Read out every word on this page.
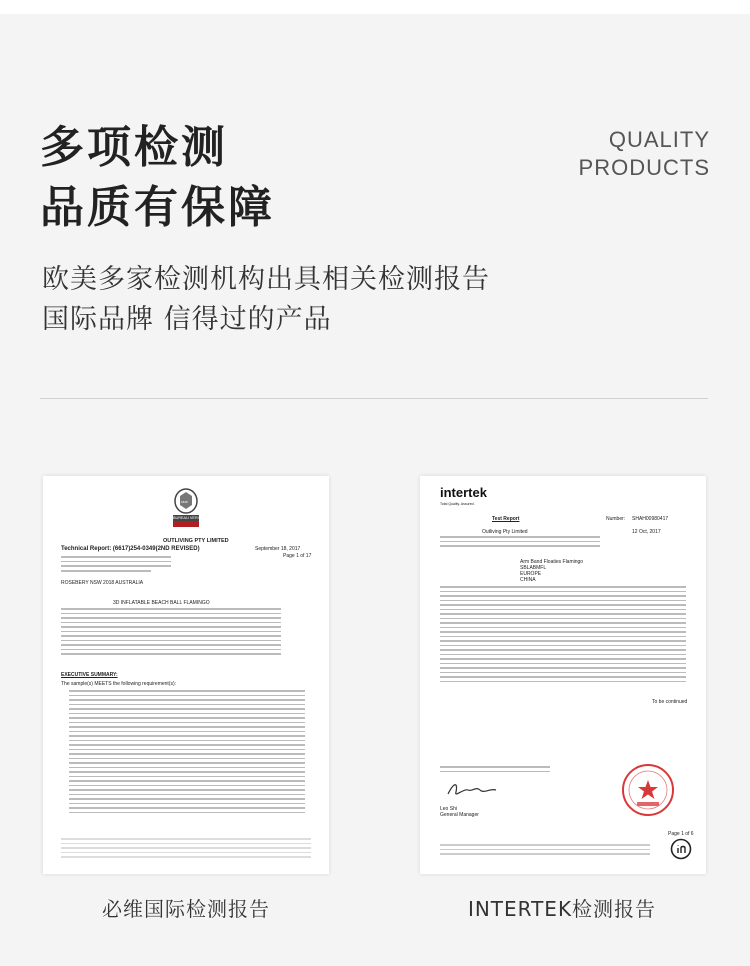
多项检测
品质有保障
QUALITY
PRODUCTS
欧美多家检测机构出具相关检测报告
国际品牌 信得过的产品
BUREAU VERITAS
1828
OUTLIVING PTY LIMITED
Technical Report: (6617)254-0349(2ND REVISED)	September 18, 2017
Page 1 of 17
ROSEBERY NSW 2018 AUSTRALIA
3D INFLATABLE BEACH BALL FLAMINGO
EXECUTIVE SUMMARY:
The sample(s) MEETS the following requirement(s):
intertek
Total Quality. Assured.
Test Report	Number: SHAH00980417
Outliving Pty Limited	12 Oct, 2017
Arm Band Floaties Flamingo
SBLABMFL
EUROPE
CHINA
To be continued
Leo Shi
General Manager
Page 1 of 6
必维国际检测报告	INTERTEK检测报告
